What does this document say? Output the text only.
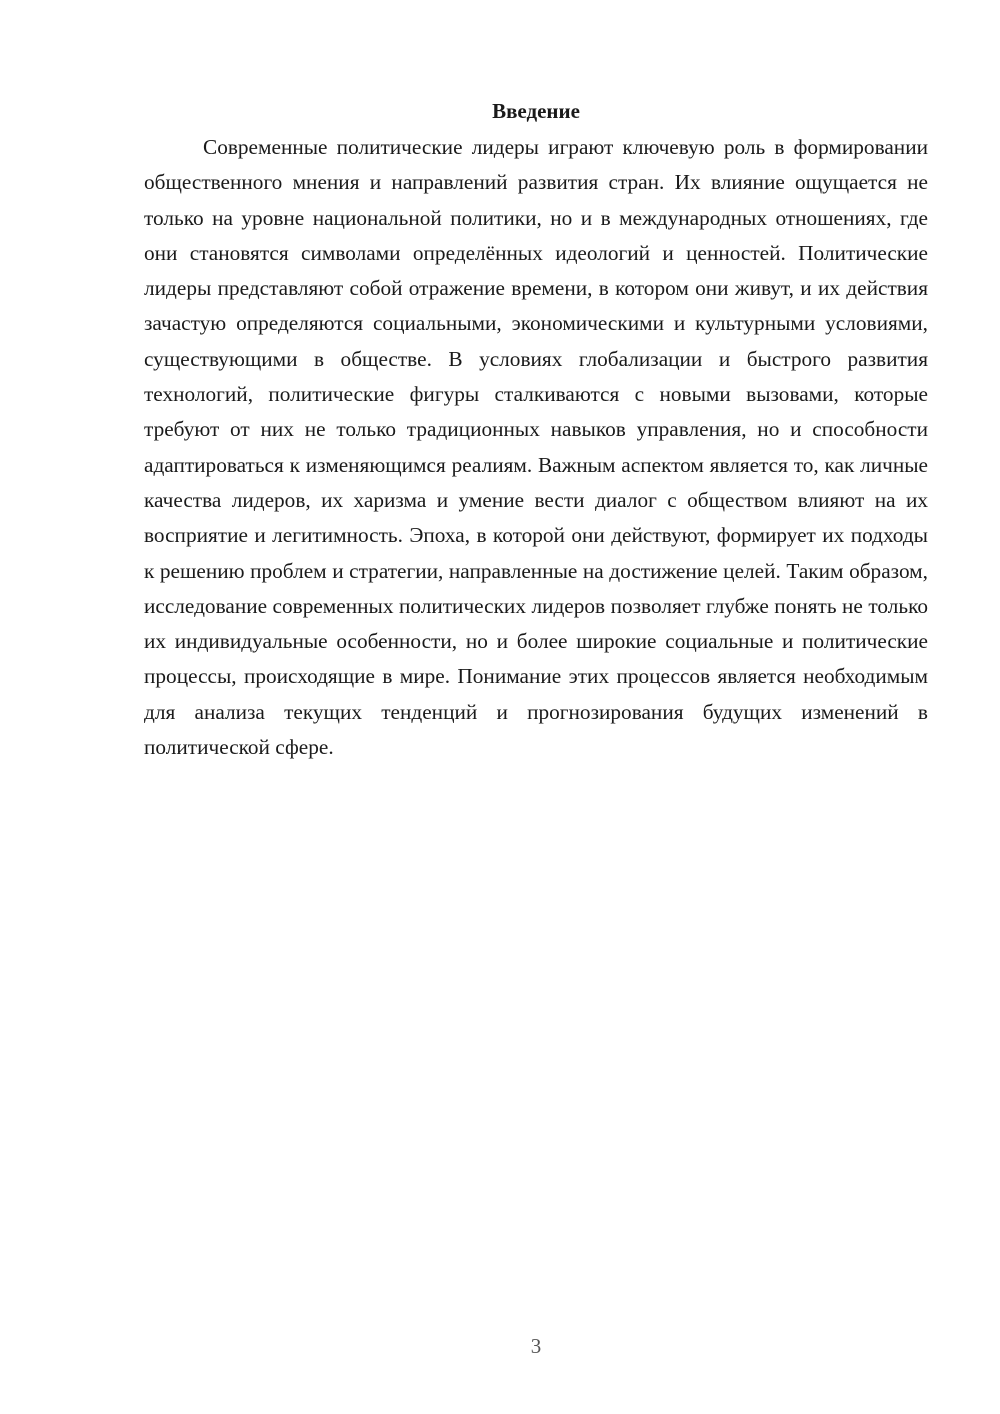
Введение

Современные политические лидеры играют ключевую роль в формировании общественного мнения и направлений развития стран. Их влияние ощущается не только на уровне национальной политики, но и в международных отношениях, где они становятся символами определённых идеологий и ценностей. Политические лидеры представляют собой отражение времени, в котором они живут, и их действия зачастую определяются социальными, экономическими и культурными условиями, существующими в обществе. В условиях глобализации и быстрого развития технологий, политические фигуры сталкиваются с новыми вызовами, которые требуют от них не только традиционных навыков управления, но и способности адаптироваться к изменяющимся реалиям. Важным аспектом является то, как личные качества лидеров, их харизма и умение вести диалог с обществом влияют на их восприятие и легитимность. Эпоха, в которой они действуют, формирует их подходы к решению проблем и стратегии, направленные на достижение целей. Таким образом, исследование современных политических лидеров позволяет глубже понять не только их индивидуальные особенности, но и более широкие социальные и политические процессы, происходящие в мире. Понимание этих процессов является необходимым для анализа текущих тенденций и прогнозирования будущих изменений в политической сфере.

3
